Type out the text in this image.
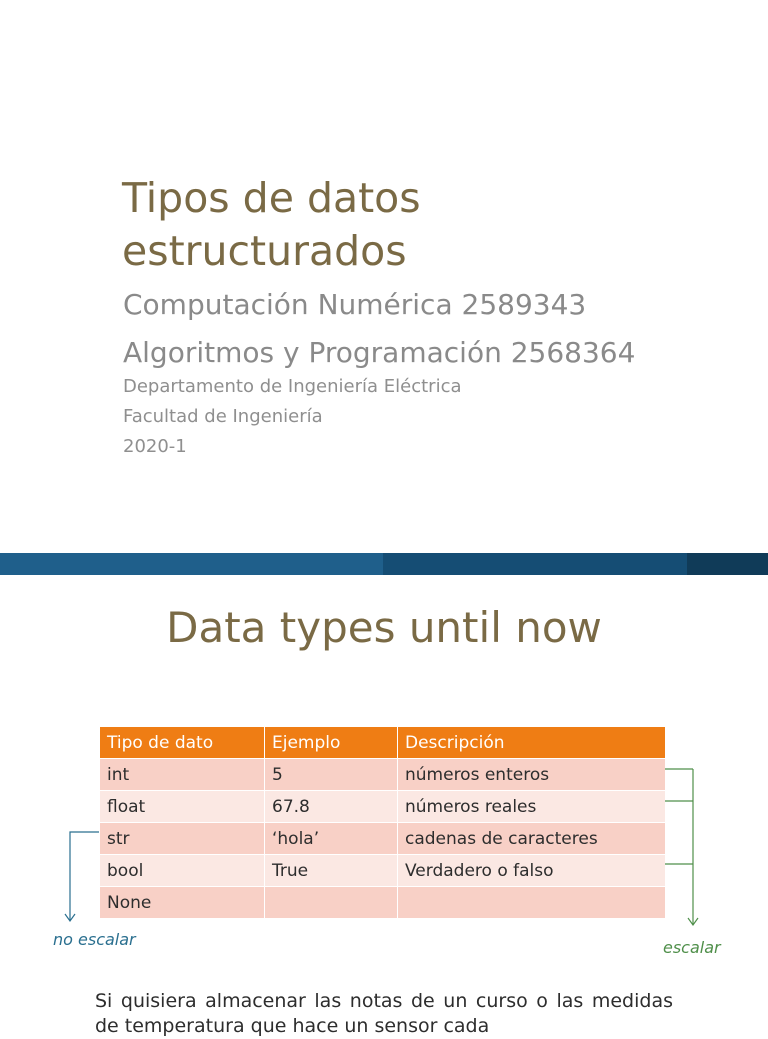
Tipos de datos
estructurados
Computación Numérica 2589343
Algoritmos y Programación 2568364
Departamento de Ingeniería Eléctrica
Facultad de Ingeniería
2020-1
Data types until now
Tipo de dato	Ejemplo	Descripción
int	5	números enteros
float	67.8	números reales
str	‘hola’	cadenas de caracteres
bool	True	Verdadero o falso
None		
no escalar	escalar

Si quisiera almacenar las notas de un curso o las medidas de temperatura que hace un sensor cada
